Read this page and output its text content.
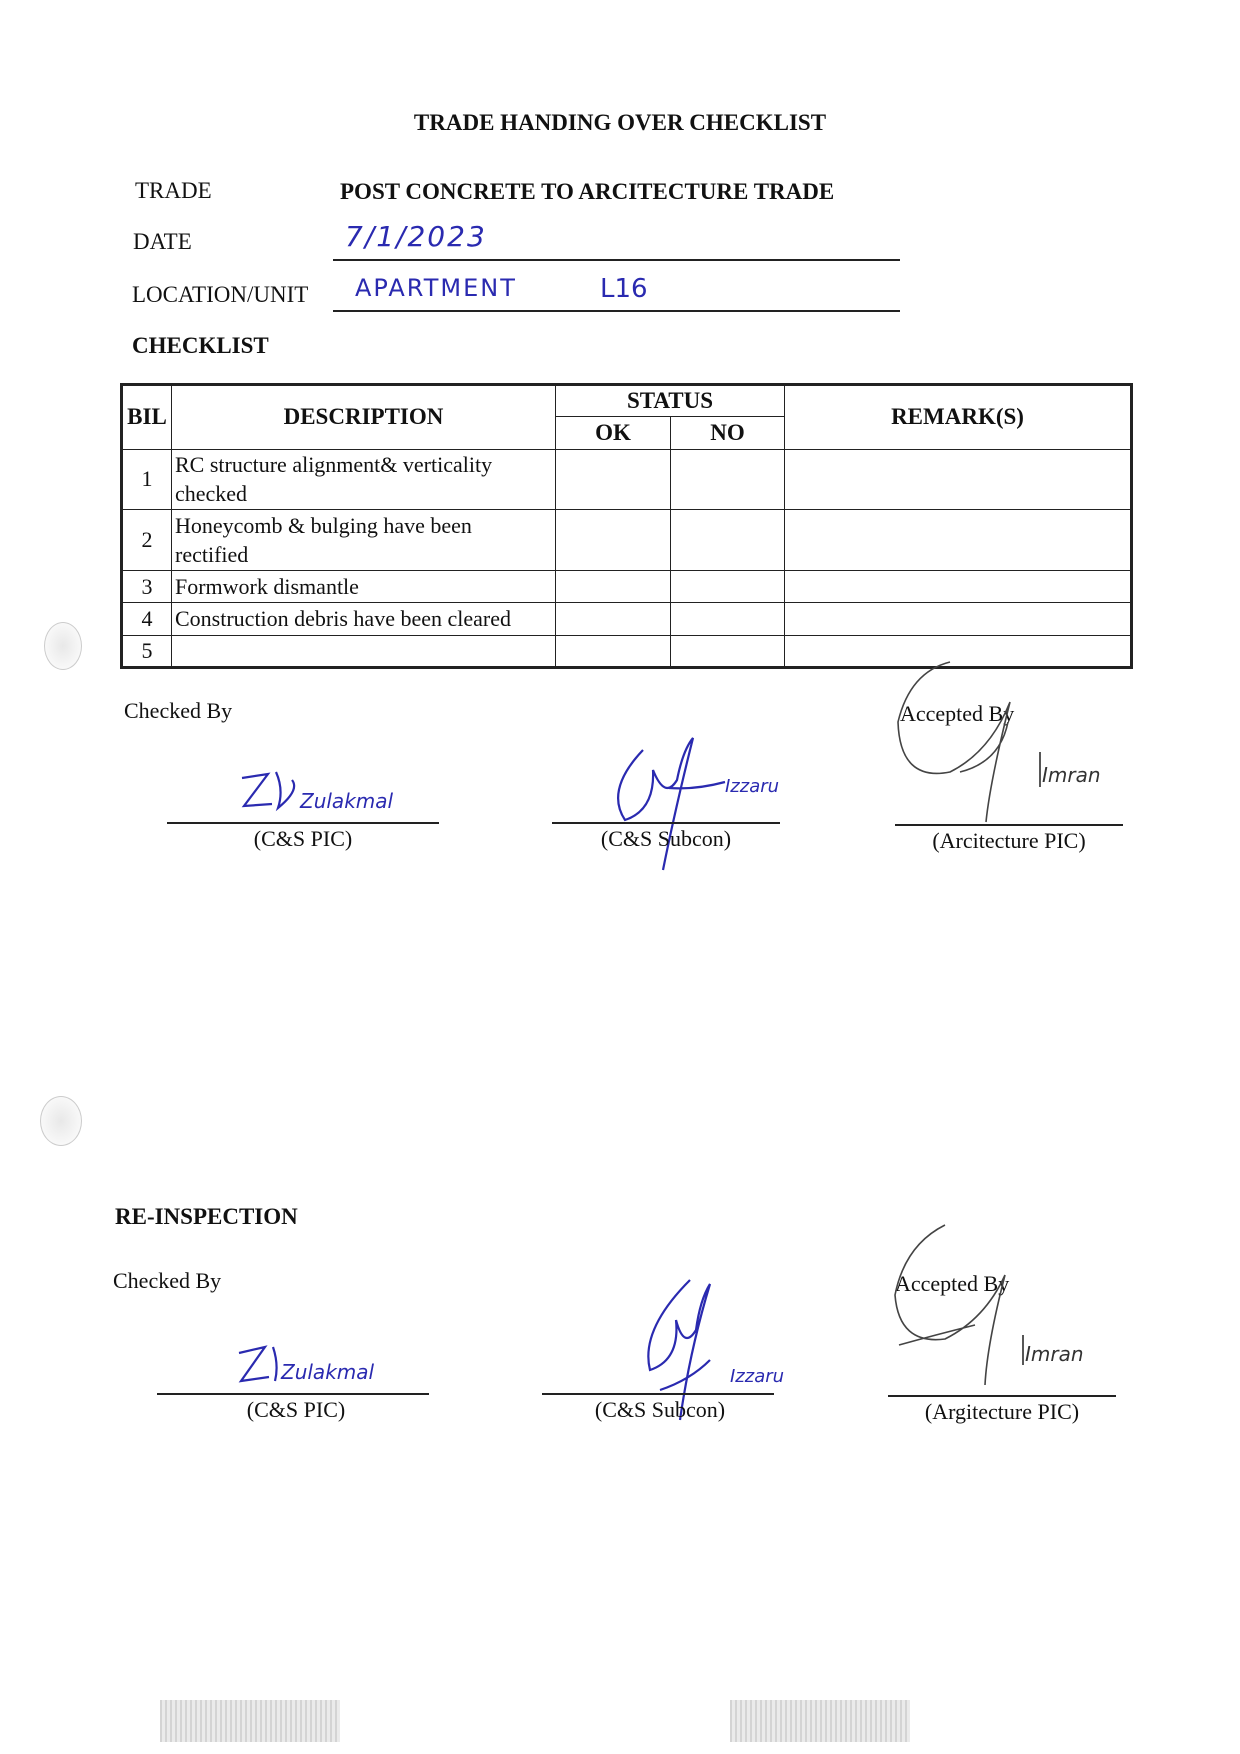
TRADE HANDING OVER CHECKLIST
TRADE	POST CONCRETE TO ARCITECTURE TRADE
DATE	7/1/2023
LOCATION/UNIT APARTMENT	L16
CHECKLIST
BIL	DESCRIPTION	STATUS		REMARK(S)
		OK	NO	
1	RC structure alignment& verticality
checked			
2	Honeycomb & bulging have been
rectified			
3	Formwork dismantle			
4	Construction debris have been cleared			
5				
Checked By	Accepted By
Zulakmal
(C&S PIC)
Izzaru
(C&S Subcon)
Imran
(Arcitecture PIC)
RE-INSPECTION
Checked By	Accepted By
Zulakmal
(C&S PIC)
Izzaru
(C&S Subcon)
Imran
(Argitecture PIC)
